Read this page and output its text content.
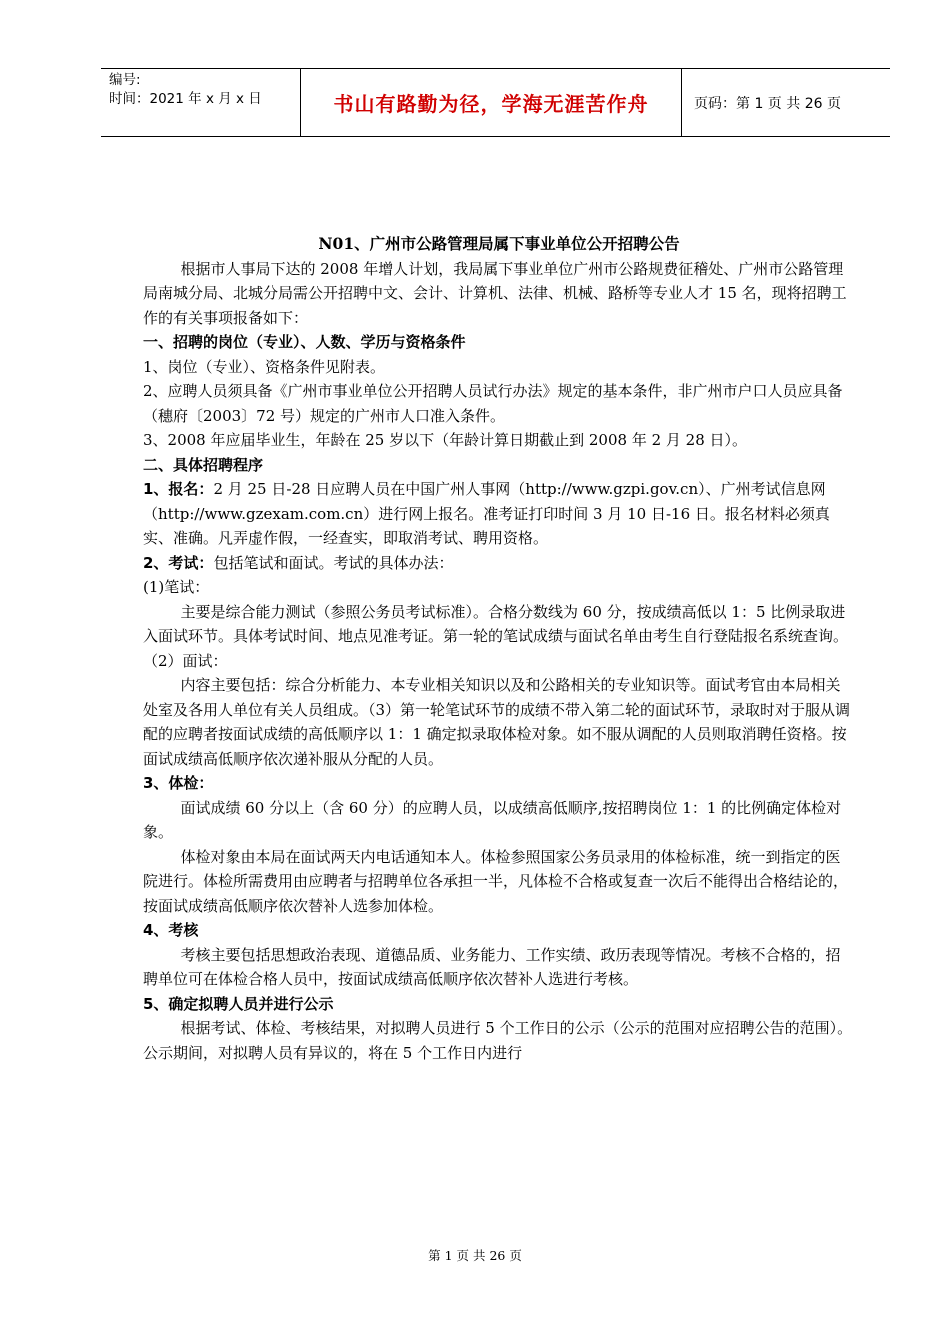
编号:
时间：2021 年 x 月 x 日	书山有路勤为径，学海无涯苦作舟	页码：第 1 页 共 26 页

N01、广州市公路管理局属下事业单位公开招聘公告

根据市人事局下达的 2008 年增人计划，我局属下事业单位广州市公路规费征稽处、广州市公路管理局南城分局、北城分局需公开招聘中文、会计、计算机、法律、机械、路桥等专业人才 15 名，现将招聘工作的有关事项报备如下：

一、招聘的岗位（专业）、人数、学历与资格条件

1、岗位（专业）、资格条件见附表。

2、应聘人员须具备《广州市事业单位公开招聘人员试行办法》规定的基本条件，非广州市户口人员应具备（穗府〔2003〕72 号）规定的广州市人口准入条件。

3、2008 年应届毕业生，年龄在 25 岁以下（年龄计算日期截止到 2008 年 2 月 28 日）。

二、具体招聘程序

1、报名：2 月 25 日-28 日应聘人员在中国广州人事网（http://www.gzpi.gov.cn）、广州考试信息网（http://www.gzexam.com.cn）进行网上报名。准考证打印时间 3 月 10 日-16 日。报名材料必须真实、准确。凡弄虚作假，一经查实，即取消考试、聘用资格。

2、考试：包括笔试和面试。考试的具体办法：

(1)笔试：

主要是综合能力测试（参照公务员考试标准）。合格分数线为 60 分，按成绩高低以 1：5 比例录取进入面试环节。具体考试时间、地点见准考证。第一轮的笔试成绩与面试名单由考生自行登陆报名系统查询。

（2）面试：

内容主要包括：综合分析能力、本专业相关知识以及和公路相关的专业知识等。面试考官由本局相关处室及各用人单位有关人员组成。（3）第一轮笔试环节的成绩不带入第二轮的面试环节，录取时对于服从调配的应聘者按面试成绩的高低顺序以 1：1 确定拟录取体检对象。如不服从调配的人员则取消聘任资格。按面试成绩高低顺序依次递补服从分配的人员。

3、体检：

面试成绩 60 分以上（含 60 分）的应聘人员，以成绩高低顺序,按招聘岗位 1：1 的比例确定体检对象。

体检对象由本局在面试两天内电话通知本人。体检参照国家公务员录用的体检标准，统一到指定的医院进行。体检所需费用由应聘者与招聘单位各承担一半，凡体检不合格或复查一次后不能得出合格结论的，按面试成绩高低顺序依次替补人选参加体检。

4、考核

考核主要包括思想政治表现、道德品质、业务能力、工作实绩、政历表现等情况。考核不合格的，招聘单位可在体检合格人员中，按面试成绩高低顺序依次替补人选进行考核。

5、确定拟聘人员并进行公示

根据考试、体检、考核结果，对拟聘人员进行 5 个工作日的公示（公示的范围对应招聘公告的范围）。公示期间，对拟聘人员有异议的，将在 5 个工作日内进行

第 1 页 共 26 页
